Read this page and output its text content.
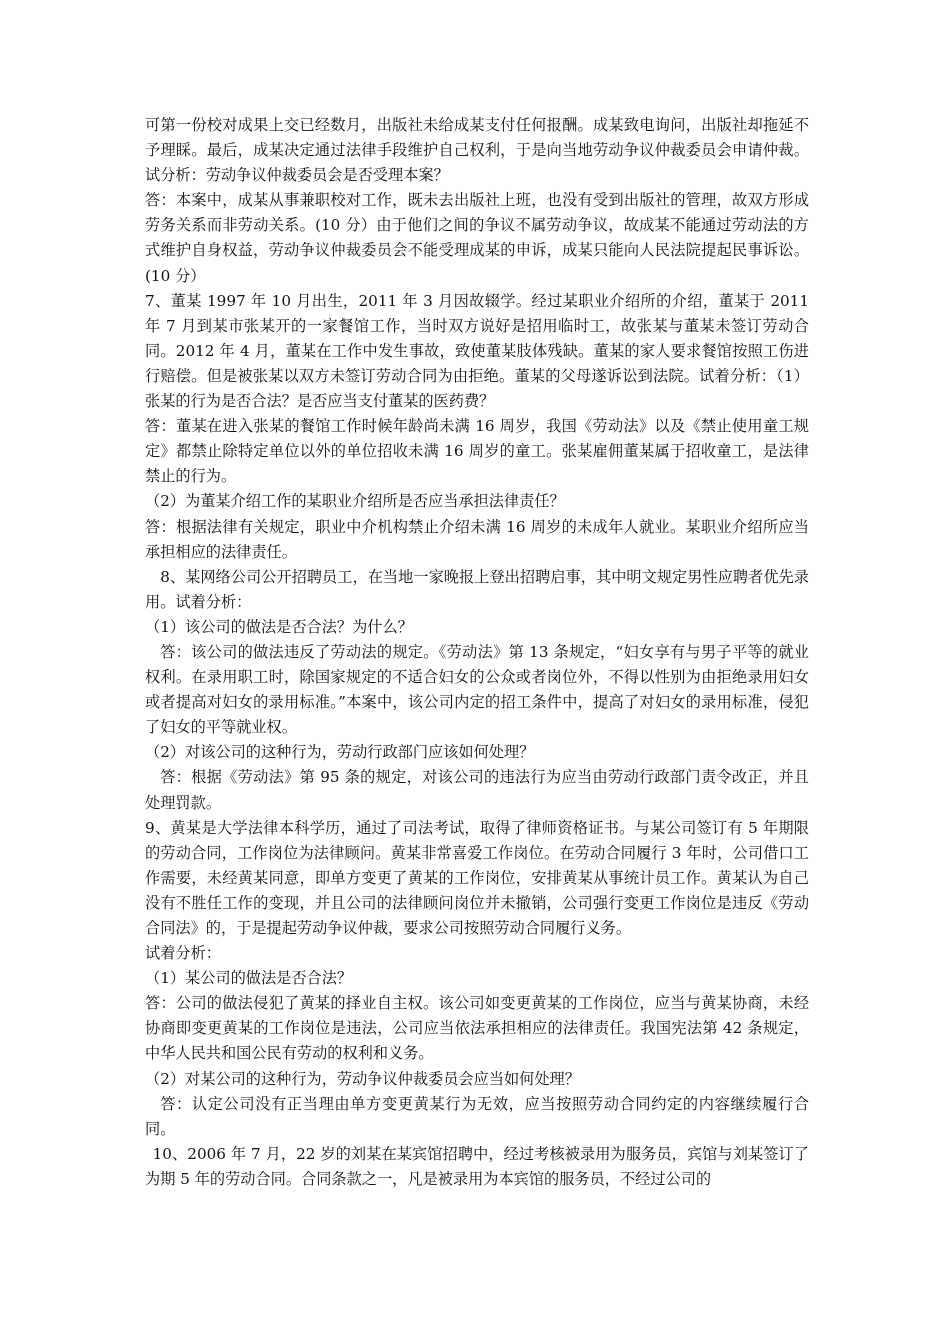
可第一份校对成果上交已经数月，出版社未给成某支付任何报酬。成某致电询问，出版社却拖延不予理睬。最后，成某决定通过法律手段维护自己权利，于是向当地劳动争议仲裁委员会申请仲裁。试分析：劳动争议仲裁委员会是否受理本案？

答：本案中，成某从事兼职校对工作，既未去出版社上班，也没有受到出版社的管理，故双方形成劳务关系而非劳动关系。(10 分）由于他们之间的争议不属劳动争议，故成某不能通过劳动法的方式维护自身权益，劳动争议仲裁委员会不能受理成某的申诉，成某只能向人民法院提起民事诉讼。(10 分）

7、董某 1997 年 10 月出生，2011 年 3 月因故辍学。经过某职业介绍所的介绍，董某于 2011 年 7 月到某市张某开的一家餐馆工作，当时双方说好是招用临时工，故张某与董某未签订劳动合同。2012 年 4 月，董某在工作中发生事故，致使董某肢体残缺。董某的家人要求餐馆按照工伤进行赔偿。但是被张某以双方未签订劳动合同为由拒绝。董某的父母遂诉讼到法院。试着分析：（1）张某的行为是否合法？是否应当支付董某的医药费？

答：董某在进入张某的餐馆工作时候年龄尚未满 16 周岁，我国《劳动法》以及《禁止使用童工规定》都禁止除特定单位以外的单位招收未满 16 周岁的童工。张某雇佣董某属于招收童工，是法律禁止的行为。

（2）为董某介绍工作的某职业介绍所是否应当承担法律责任？

答：根据法律有关规定，职业中介机构禁止介绍未满 16 周岁的未成年人就业。某职业介绍所应当承担相应的法律责任。

8、某网络公司公开招聘员工，在当地一家晚报上登出招聘启事，其中明文规定男性应聘者优先录用。试着分析：

（1）该公司的做法是否合法？为什么？

答：该公司的做法违反了劳动法的规定。《劳动法》第 13 条规定，“妇女享有与男子平等的就业权利。在录用职工时，除国家规定的不适合妇女的公众或者岗位外，不得以性别为由拒绝录用妇女或者提高对妇女的录用标准。”本案中，该公司内定的招工条件中，提高了对妇女的录用标准，侵犯了妇女的平等就业权。

（2）对该公司的这种行为，劳动行政部门应该如何处理？

答：根据《劳动法》第 95 条的规定，对该公司的违法行为应当由劳动行政部门责令改正，并且处理罚款。

9、黄某是大学法律本科学历，通过了司法考试，取得了律师资格证书。与某公司签订有 5 年期限的劳动合同，工作岗位为法律顾问。黄某非常喜爱工作岗位。在劳动合同履行 3 年时，公司借口工作需要，未经黄某同意，即单方变更了黄某的工作岗位，安排黄某从事统计员工作。黄某认为自己没有不胜任工作的变现，并且公司的法律顾问岗位并未撤销，公司强行变更工作岗位是违反《劳动合同法》的，于是提起劳动争议仲裁，要求公司按照劳动合同履行义务。

试着分析：

（1）某公司的做法是否合法？

答：公司的做法侵犯了黄某的择业自主权。该公司如变更黄某的工作岗位，应当与黄某协商，未经协商即变更黄某的工作岗位是违法，公司应当依法承担相应的法律责任。我国宪法第 42 条规定，中华人民共和国公民有劳动的权利和义务。

（2）对某公司的这种行为，劳动争议仲裁委员会应当如何处理？

答：认定公司没有正当理由单方变更黄某行为无效，应当按照劳动合同约定的内容继续履行合同。

10、2006 年 7 月，22 岁的刘某在某宾馆招聘中，经过考核被录用为服务员，宾馆与刘某签订了为期 5 年的劳动合同。合同条款之一，凡是被录用为本宾馆的服务员，不经过公司的
